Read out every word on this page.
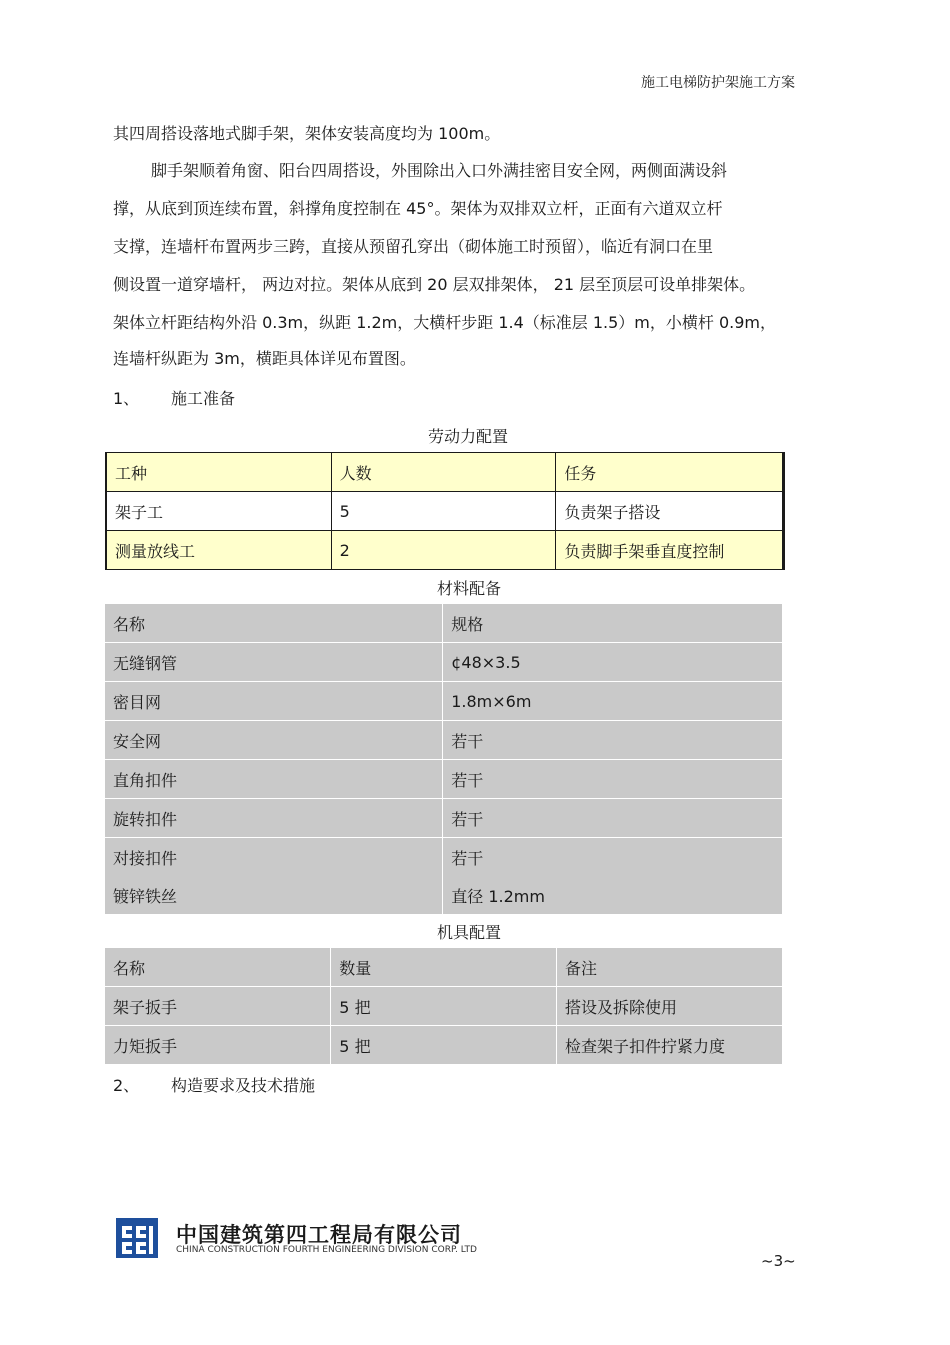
施工电梯防护架施工方案
其四周搭设落地式脚手架，架体安装高度均为 100m。
脚手架顺着角窗、阳台四周搭设，外围除出入口外满挂密目安全网，两侧面满设斜
撑，从底到顶连续布置，斜撑角度控制在 45°。架体为双排双立杆，正面有六道双立杆
支撑，连墙杆布置两步三跨，直接从预留孔穿出（砌体施工时预留），临近有洞口在里
侧设置一道穿墙杆， 两边对拉。架体从底到 20 层双排架体， 21 层至顶层可设单排架体。
架体立杆距结构外沿 0.3m，纵距 1.2m，大横杆步距 1.4（标准层 1.5）m，小横杆 0.9m，
连墙杆纵距为 3m，横距具体详见布置图。
1、 施工准备
劳动力配置
工种	人数	任务
架子工	5	负责架子搭设
测量放线工	2	负责脚手架垂直度控制
材料配备
名称	规格
无缝钢管	¢48×3.5
密目网	1.8m×6m
安全网	若干
直角扣件	若干
旋转扣件	若干
对接扣件	若干
镀锌铁丝	直径 1.2mm
机具配置
名称	数量	备注
架子扳手	5 把	搭设及拆除使用
力矩扳手	5 把	检查架子扣件拧紧力度
2、 构造要求及技术措施
中国建筑第四工程局有限公司
CHINA CONSTRUCTION FOURTH ENGINEERING DIVISION CORP. LTD
~3~
